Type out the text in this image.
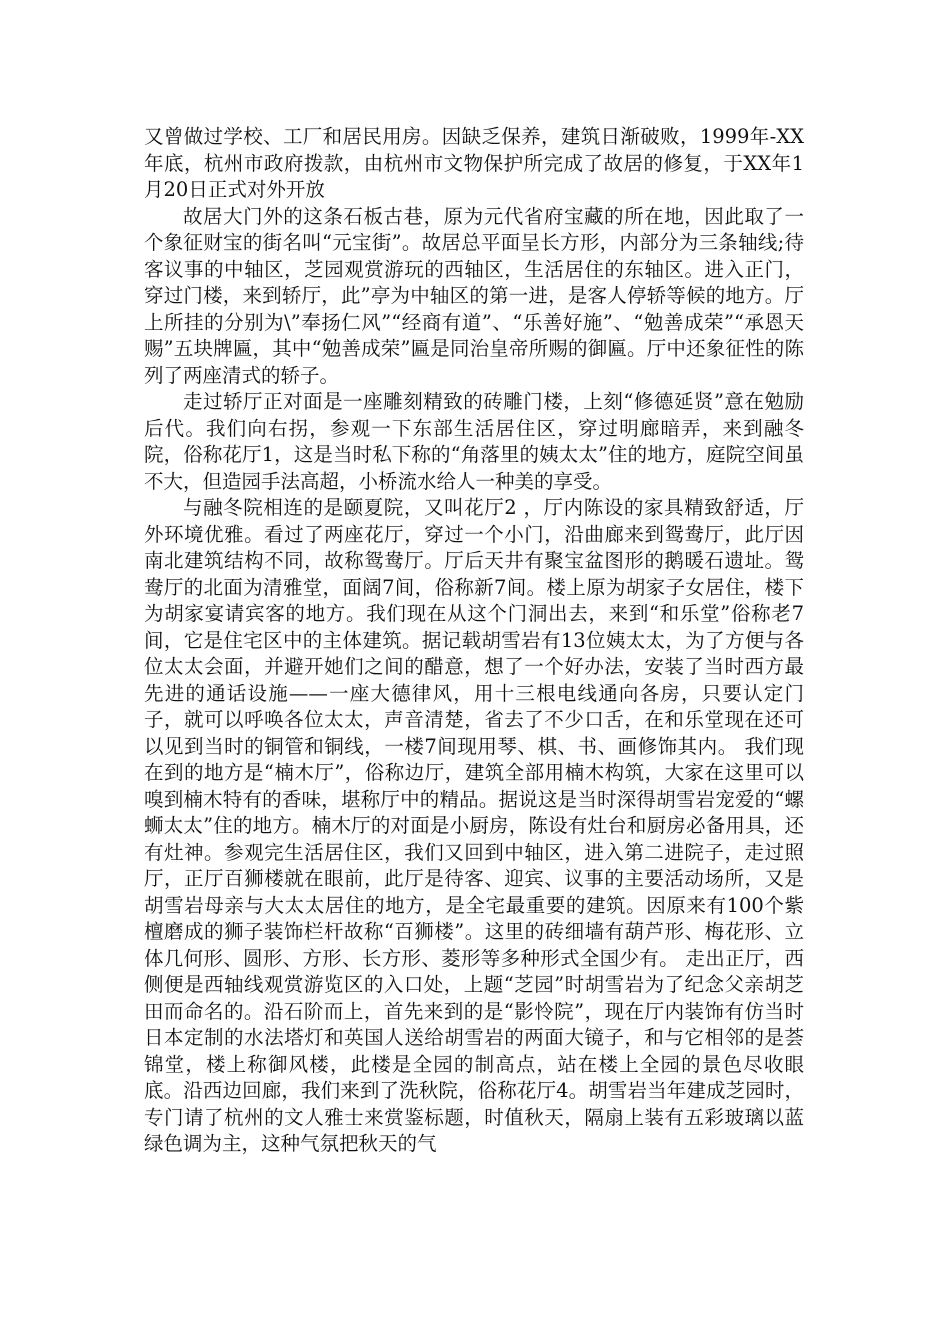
又曾做过学校、工厂和居民用房。因缺乏保养，建筑日渐破败，1999年-XX年底，杭州市政府拨款，由杭州市文物保护所完成了故居的修复，于XX年1月20日正式对外开放

故居大门外的这条石板古巷，原为元代省府宝藏的所在地，因此取了一个象征财宝的街名叫“元宝街”。故居总平面呈长方形，内部分为三条轴线;待客议事的中轴区，芝园观赏游玩的西轴区，生活居住的东轴区。进入正门，穿过门楼，来到轿厅，此”亭为中轴区的第一进，是客人停轿等候的地方。厅上所挂的分别为\”奉扬仁风”“经商有道”、“乐善好施”、“勉善成荣”“承恩天赐”五块牌匾，其中“勉善成荣”匾是同治皇帝所赐的御匾。厅中还象征性的陈列了两座清式的轿子。

走过轿厅正对面是一座雕刻精致的砖雕门楼，上刻“修德延贤”意在勉励后代。我们向右拐，参观一下东部生活居住区，穿过明廊暗弄，来到融冬院，俗称花厅1，这是当时私下称的“角落里的姨太太”住的地方，庭院空间虽不大，但造园手法高超，小桥流水给人一种美的享受。

与融冬院相连的是颐夏院，又叫花厅2 ，厅内陈设的家具精致舒适，厅外环境优雅。看过了两座花厅，穿过一个小门，沿曲廊来到鸳鸯厅，此厅因南北建筑结构不同，故称鸳鸯厅。厅后天井有聚宝盆图形的鹅暖石遗址。鸳鸯厅的北面为清雅堂，面阔7间，俗称新7间。楼上原为胡家子女居住，楼下为胡家宴请宾客的地方。我们现在从这个门洞出去，来到“和乐堂”俗称老7间，它是住宅区中的主体建筑。据记载胡雪岩有13位姨太太，为了方便与各位太太会面，并避开她们之间的醋意，想了一个好办法，安装了当时西方最先进的通话设施——一座大德律风，用十三根电线通向各房，只要认定门子，就可以呼唤各位太太，声音清楚，省去了不少口舌，在和乐堂现在还可以见到当时的铜管和铜线，一楼7间现用琴、棋、书、画修饰其内。 我们现在到的地方是“楠木厅”，俗称边厅，建筑全部用楠木构筑，大家在这里可以嗅到楠木特有的香味，堪称厅中的精品。据说这是当时深得胡雪岩宠爱的“螺蛳太太”住的地方。楠木厅的对面是小厨房，陈设有灶台和厨房必备用具，还有灶神。参观完生活居住区，我们又回到中轴区，进入第二进院子，走过照厅，正厅百狮楼就在眼前，此厅是待客、迎宾、议事的主要活动场所，又是胡雪岩母亲与大太太居住的地方，是全宅最重要的建筑。因原来有100个紫檀磨成的狮子装饰栏杆故称“百狮楼”。这里的砖细墙有葫芦形、梅花形、立体几何形、圆形、方形、长方形、菱形等多种形式全国少有。 走出正厅，西侧便是西轴线观赏游览区的入口处，上题“芝园”时胡雪岩为了纪念父亲胡芝田而命名的。沿石阶而上，首先来到的是“影怜院”，现在厅内装饰有仿当时日本定制的水法塔灯和英国人送给胡雪岩的两面大镜子，和与它相邻的是荟锦堂，楼上称御风楼，此楼是全园的制高点，站在楼上全园的景色尽收眼底。沿西边回廊，我们来到了洗秋院，俗称花厅4。胡雪岩当年建成芝园时，专门请了杭州的文人雅士来赏鉴标题，时值秋天，隔扇上装有五彩玻璃以蓝绿色调为主，这种气氛把秋天的气
